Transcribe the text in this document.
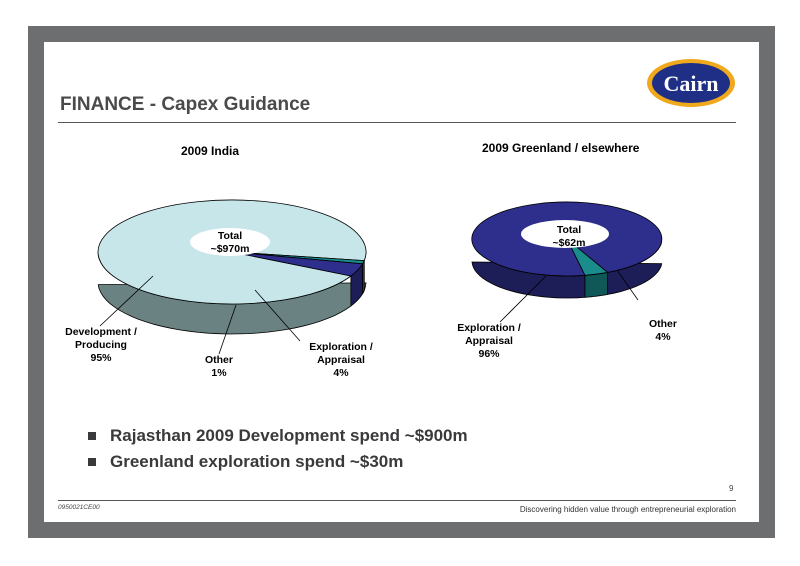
FINANCE - Capex Guidance
Cairn
2009 India	2009 Greenland / elsewhere
Total
~$970m
Development /
Producing
95%	Other
1%
Exploration /
Appraisal
4%
Total
~$62m
Exploration /
Appraisal
96%
Other
4%
Rajasthan 2009 Development spend ~$900m
Greenland exploration spend ~$30m
9
0950021CE00	Discovering hidden value through entrepreneurial exploration
